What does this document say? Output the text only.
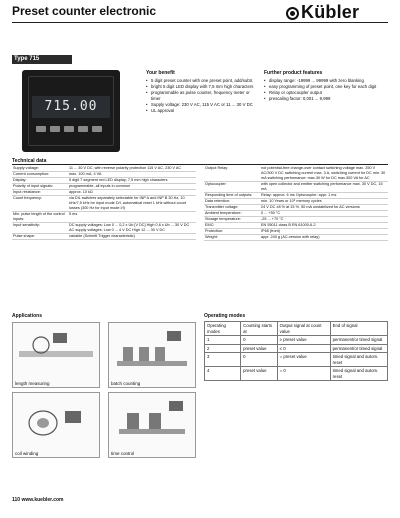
Preset counter electronic	Kübler
Type 715
715.00
Your benefit
• 5 digit preset counter with one preset point, add/subtr.
• bright 5 digit LED display with 7,5 mm high characters
• programmable as pulse counter, frequency meter or timer
• Supply voltage: 230 V AC, 115 V AC or 11 ... 30 V DC
• UL approval
Further product features
• display range: -19999 ... 99999 with zero blanking
• easy programming of preset point, one key for each digit
• Relay or optocoupler output
• prescaling factor: 0,001 ... 9,999
Technical data
Supply voltage:	11 ... 30 V DC, with reverse polarity protection 115 V AC, 230 V AC
Current consumption:	max. 100 mA, 4 VA
Display:	5 digit 7 segment red LED display; 7,5 mm high characters
Polarity of input signals:	programmable, all inputs in common
Input resistance:	approx. 10 kΩ
Count frequency:	via DIL switches separately selectable for INP A and INP B 30 Hz, 10 kHz/7,5 kHz for input mode D/I, automatical reset 1 kHz without count losses (300 Hz for input mode I/I)
Min. pulse length of the control inputs:	5 ms
Input sensitivity:	DC supply voltages: Low 0 ... 0,2 x Ub [V DC] High 0,6 x Ub ... 30 V DC AC supply voltages: Low 0 ... 4 V DC High 12 ... 30 V DC
Pulse shape:	variable (Schmitt Trigger characteristic)
Output Relay:	not potential-free change-over contact switching voltage max. 250 V AC/300 V DC switching current max. 3 A, switching current for DC min. 30 mA switching performance: max.30 W for DC max.300 VA for AC
Optocoupler:	with open collector and emitter switching performance max. 30 V DC, 15 mA
Responding time of outputs:	Relay: approx. 6 ms Optocoupler: appr. 1 ms
Data retention:	min. 10 Years or 10⁶ memory cycles
Transmitter voltage:	24 V DC ±8 % at 15 %, 50 mA unstabilized for AC versions
Ambient temperature:	0 ... +50 °C
Storage temperature:	-25 ... +70 °C
EMC:	EN 55011 class B EN 61000-6-2
Protection:	IP65 (front)
Weight:	appr. 240 g (AC-version with relay)
Applications
length measuring	batch counting
coil winding	time control
Operating modes
Operating modes	Counting starts at	Output signal at count value	End of signal
1	0	≥ preset value	permanent/or timed signal
2	preset value	≤ 0	permanent/or timed signal
3	0	= preset value	timed signal and autom. reset
4	preset value	= 0	timed signal and autom. reset
110 www.kuebler.com
